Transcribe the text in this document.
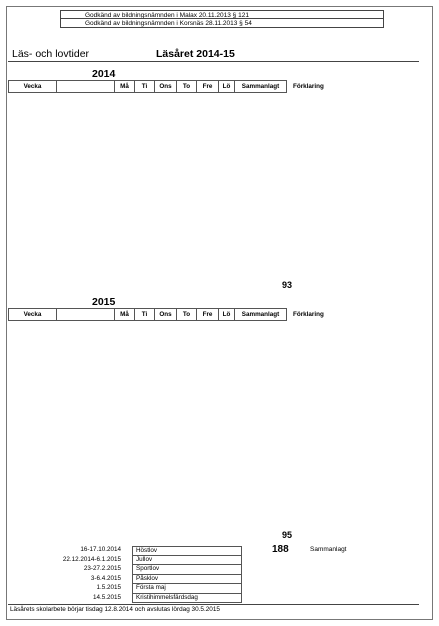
Godkänd av bildningsnämnden i Malax 20.11.2013 § 121
Godkänd av bildningsnämnden i Korsnäs 28.11.2013 § 54
Läs- och lovtider	Läsåret 2014-15
2014
Vecka		Må	Ti	Ons	To	Fre	Lö	Sammanlagt	Förklaring
93
2015
Vecka		Må	Ti	Ons	To	Fre	Lö	Sammanlagt	Förklaring
95
16-17.10.2014	Höstlov
22.12.2014-6.1.2015	Jullov
23-27.2.2015	Sportlov
3-6.4.2015	Påsklov
1.5.2015	Första maj
14.5.2015	Kristihimmelsfärdsdag
188	Sammanlagt
Läsårets skolarbete börjar tisdag 12.8.2014 och avslutas lördag 30.5.2015
